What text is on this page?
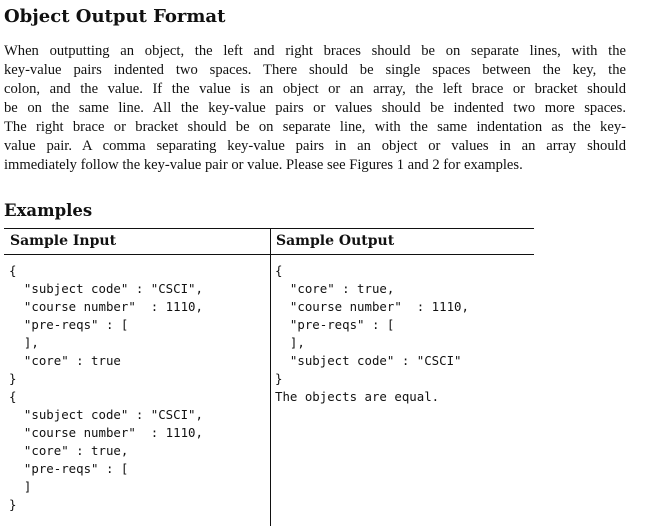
Object Output Format

When outputting an object, the left and right braces should be on separate lines, with the
key-value pairs indented two spaces. There should be single spaces between the key, the
colon, and the value. If the value is an object or an array, the left brace or bracket should
be on the same line. All the key-value pairs or values should be indented two more spaces.
The right brace or bracket should be on separate line, with the same indentation as the key-
value pair. A comma separating key-value pairs in an object or values in an array should
immediately follow the key-value pair or value. Please see Figures 1 and 2 for examples.

Examples
Sample Input	Sample Output
{
"subject code" : "CSCI",
"course number"  : 1110,
"pre-reqs" : [
],
"core" : true
}
{
"subject code" : "CSCI",
"course number"  : 1110,
"core" : true,
"pre-reqs" : [
]
}
{
"core" : true,
"course number"  : 1110,
"pre-reqs" : [
],
"subject code" : "CSCI"
}
The objects are equal.
